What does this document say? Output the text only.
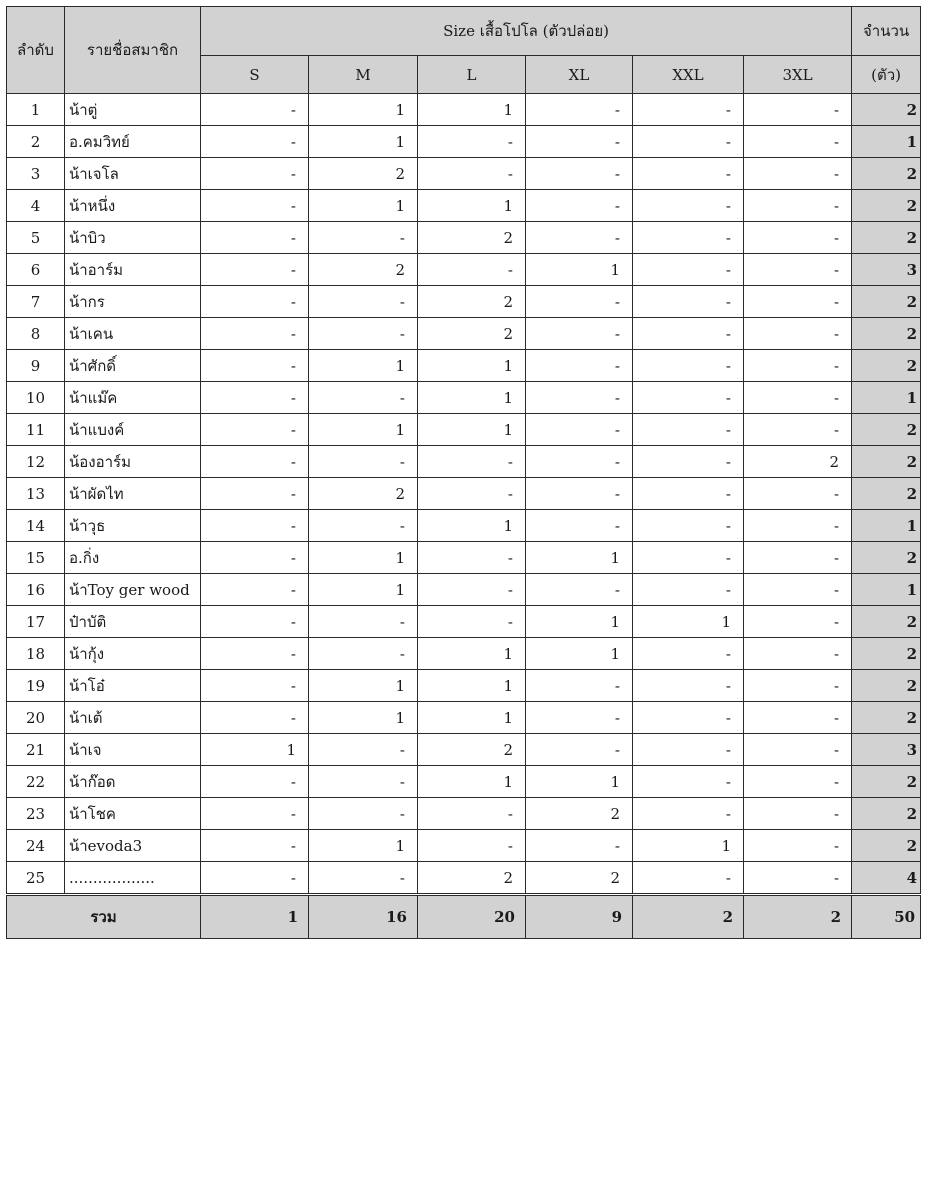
ลำดับ	รายชื่อสมาชิก	Size เสื้อโปโล (ตัวปล่อย)						จำนวน
		S	M	L	XL	XXL	3XL	(ตัว)
1	น้าตู่	-	1	1	-	-	-	2
2	อ.คมวิทย์	-	1	-	-	-	-	1
3	น้าเจโล	-	2	-	-	-	-	2
4	น้าหนึ่ง	-	1	1	-	-	-	2
5	น้าบิว	-	-	2	-	-	-	2
6	น้าอาร์ม	-	2	-	1	-	-	3
7	น้ากร	-	-	2	-	-	-	2
8	น้าเคน	-	-	2	-	-	-	2
9	น้าศักดิ์	-	1	1	-	-	-	2
10	น้าแม๊ค	-	-	1	-	-	-	1
11	น้าแบงค์	-	1	1	-	-	-	2
12	น้องอาร์ม	-	-	-	-	-	2	2
13	น้าผัดไท	-	2	-	-	-	-	2
14	น้าวุธ	-	-	1	-	-	-	1
15	อ.กิ่ง	-	1	-	1	-	-	2
16	น้าToy ger wood	-	1	-	-	-	-	1
17	ป๋าบัติ	-	-	-	1	1	-	2
18	น้ากุ้ง	-	-	1	1	-	-	2
19	น้าโอ๋	-	1	1	-	-	-	2
20	น้าเต้	-	1	1	-	-	-	2
21	น้าเจ	1	-	2	-	-	-	3
22	น้าก๊อด	-	-	1	1	-	-	2
23	น้าโชค	-	-	-	2	-	-	2
24	น้าevoda3	-	1	-	-	1	-	2
25	..................	-	-	2	2	-	-	4
รวม		1	16	20	9	2	2	50
